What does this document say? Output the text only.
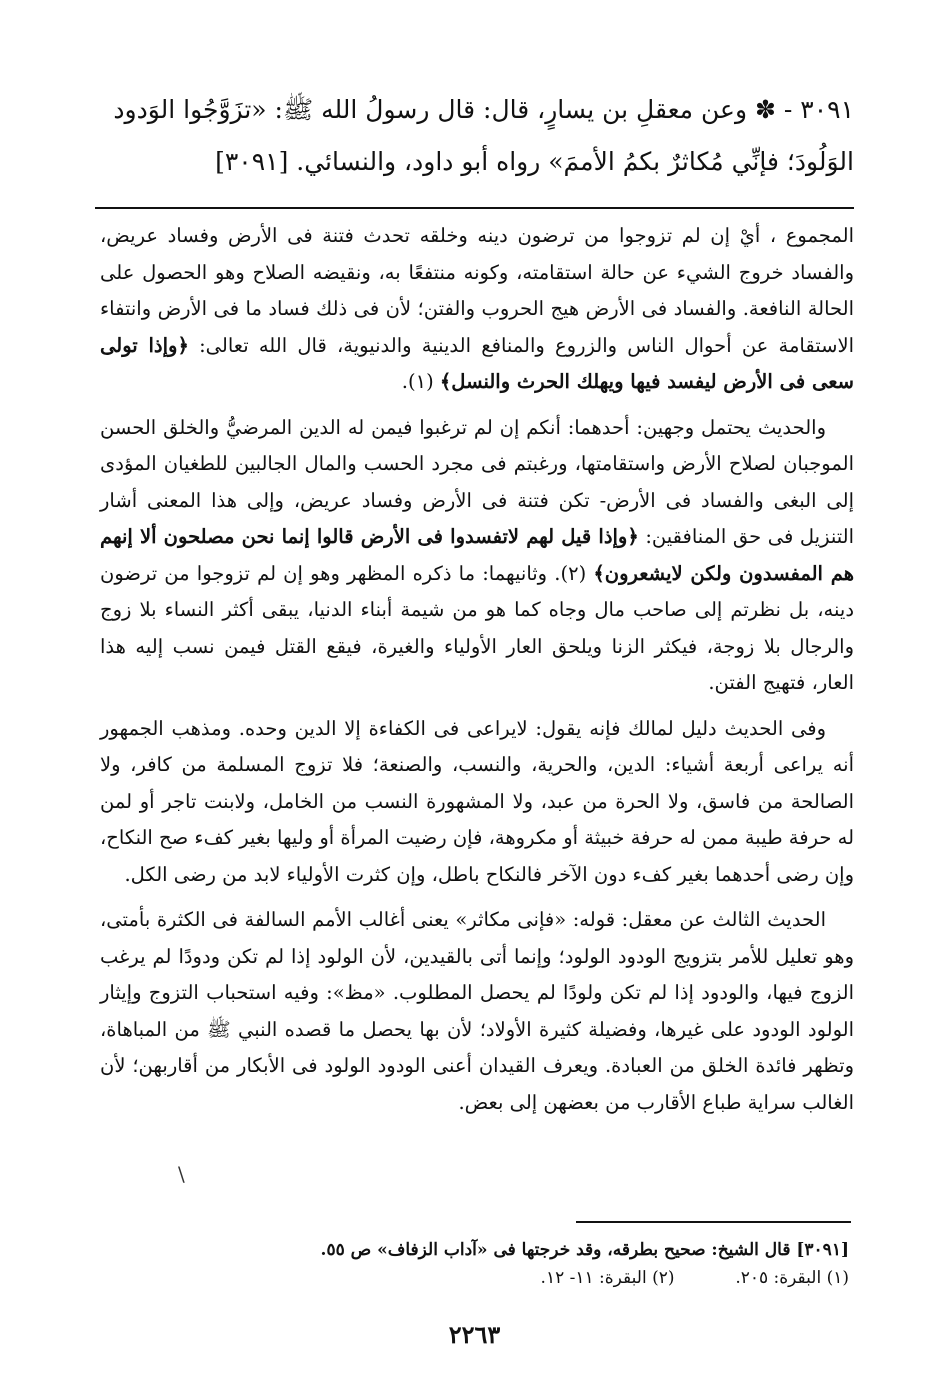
٣٠٩١ - ✽ وعن معقلِ بن يسارٍ، قال: قال رسولُ الله ﷺ: «تزَوَّجُوا الوَدود

الوَلُودَ؛ فإنِّي مُكاثرٌ بكمُ الأممَ» رواه أبو داود، والنسائي. [٣٠٩١]

المجموع ، أيْ إن لم تزوجوا من ترضون دينه وخلقه تحدث فتنة فى الأرض وفساد عريض، والفساد خروج الشيء عن حالة استقامته، وكونه منتفعًا به، ونقيضه الصلاح وهو الحصول على الحالة النافعة. والفساد فى الأرض هيج الحروب والفتن؛ لأن فى ذلك فساد ما فى الأرض وانتفاء الاستقامة عن أحوال الناس والزروع والمنافع الدينية والدنيوية، قال الله تعالى: ﴿وإذا تولى سعى فى الأرض ليفسد فيها ويهلك الحرث والنسل﴾ (١).

والحديث يحتمل وجهين: أحدهما: أنكم إن لم ترغبوا فيمن له الدين المرضيُّ والخلق الحسن الموجبان لصلاح الأرض واستقامتها، ورغبتم فى مجرد الحسب والمال الجالبين للطغيان المؤدى إلى البغى والفساد فى الأرض- تكن فتنة فى الأرض وفساد عريض، وإلى هذا المعنى أشار التنزيل فى حق المنافقين: ﴿وإذا قيل لهم لاتفسدوا فى الأرض قالوا إنما نحن مصلحون ألا إنهم هم المفسدون ولكن لايشعرون﴾ (٢). وثانيهما: ما ذكره المظهر وهو إن لم تزوجوا من ترضون دينه، بل نظرتم إلى صاحب مال وجاه كما هو من شيمة أبناء الدنيا، يبقى أكثر النساء بلا زوج والرجال بلا زوجة، فيكثر الزنا ويلحق العار الأولياء والغيرة، فيقع القتل فيمن نسب إليه هذا العار، فتهيج الفتن.

وفى الحديث دليل لمالك فإنه يقول: لايراعى فى الكفاءة إلا الدين وحده. ومذهب الجمهور أنه يراعى أربعة أشياء: الدين، والحرية، والنسب، والصنعة؛ فلا تزوج المسلمة من كافر، ولا الصالحة من فاسق، ولا الحرة من عبد، ولا المشهورة النسب من الخامل، ولابنت تاجر أو لمن له حرفة طيبة ممن له حرفة خبيثة أو مكروهة، فإن رضيت المرأة أو وليها بغير كفء صح النكاح، وإن رضى أحدهما بغير كفء دون الآخر فالنكاح باطل، وإن كثرت الأولياء لابد من رضى الكل.

الحديث الثالث عن معقل: قوله: «فإنى مكاثر» يعنى أغالب الأمم السالفة فى الكثرة بأمتى، وهو تعليل للأمر بتزويج الودود الولود؛ وإنما أتى بالقيدين، لأن الولود إذا لم تكن ودودًا لم يرغب الزوج فيها، والودود إذا لم تكن ولودًا لم يحصل المطلوب. «مظ»: وفيه استحباب التزوج وإيثار الولود الودود على غيرها، وفضيلة كثيرة الأولاد؛ لأن بها يحصل ما قصده النبي ﷺ من المباهاة، وتظهر فائدة الخلق من العبادة. ويعرف القيدان أعنى الودود الولود فى الأبكار من أقاربهن؛ لأن الغالب سراية طباع الأقارب من بعضهن إلى بعض.

\
[٣٠٩١] قال الشيخ: صحيح بطرقه، وقد خرجتها فى «آداب الزفاف» ص ٥٥.
(١) البقرة: ٢٠٥.  (٢) البقرة: ١١- ١٢.
٢٢٦٣
